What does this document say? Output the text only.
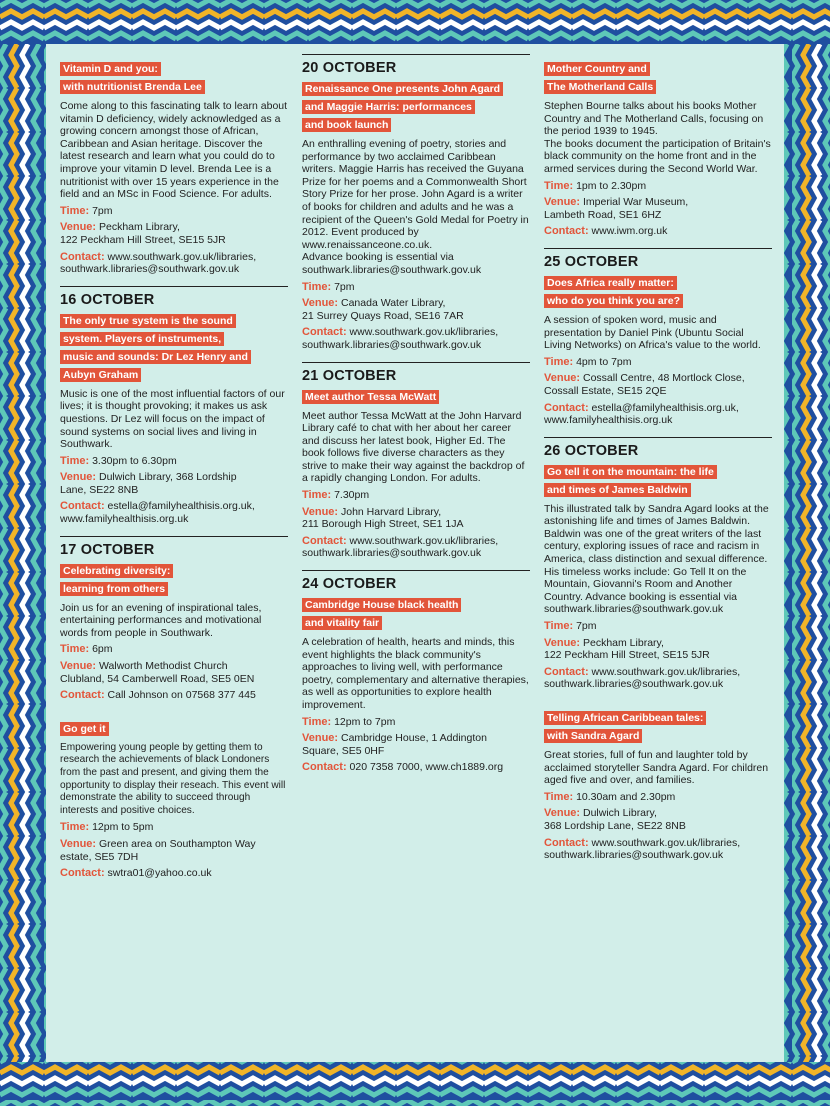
Vitamin D and you:
with nutritionist Brenda Lee
Come along to this fascinating talk to learn about vitamin D deficiency, widely acknowledged as a growing concern amongst those of African, Caribbean and Asian heritage. Discover the latest research and learn what you could do to improve your vitamin D level. Brenda Lee is a nutritionist with over 15 years experience in the field and an MSc in Food Science. For adults.
Time: 7pm
Venue: Peckham Library,
122 Peckham Hill Street, SE15 5JR
Contact: www.southwark.gov.uk/libraries,
southwark.libraries@southwark.gov.uk
16 OCTOBER
The only true system is the sound
system. Players of instruments,
music and sounds: Dr Lez Henry and
Aubyn Graham
Music is one of the most influential factors of our lives; it is thought provoking; it makes us ask questions. Dr Lez will focus on the impact of sound systems on social lives and living in Southwark.
Time: 3.30pm to 6.30pm
Venue: Dulwich Library, 368 Lordship
Lane, SE22 8NB
Contact: estella@familyhealthisis.org.uk,
www.familyhealthisis.org.uk
17 OCTOBER
Celebrating diversity:
learning from others
Join us for an evening of inspirational tales, entertaining performances and motivational words from people in Southwark.
Time: 6pm
Venue: Walworth Methodist Church
Clubland, 54 Camberwell Road, SE5 0EN
Contact: Call Johnson on 07568 377 445
Go get it
Empowering young people by getting them to research the achievements of black Londoners from the past and present, and giving them the opportunity to display their reseach. This event will demonstrate the ability to succeed through interests and positive choices.
Time: 12pm to 5pm
Venue: Green area on Southampton Way
estate, SE5 7DH
Contact: swtra01@yahoo.co.uk
20 OCTOBER
Renaissance One presents John Agard
and Maggie Harris: performances
and book launch
An enthralling evening of poetry, stories and performance by two acclaimed Caribbean writers. Maggie Harris has received the Guyana Prize for her poems and a Commonwealth Short Story Prize for her prose. John Agard is a writer of books for children and adults and he was a recipient of the Queen's Gold Medal for Poetry in 2012. Event produced by www.renaissanceone.co.uk.
Advance booking is essential via southwark.libraries@southwark.gov.uk
Time: 7pm
Venue: Canada Water Library,
21 Surrey Quays Road, SE16 7AR
Contact: www.southwark.gov.uk/libraries,
southwark.libraries@southwark.gov.uk
21 OCTOBER
Meet author Tessa McWatt
Meet author Tessa McWatt at the John Harvard Library café to chat with her about her career and discuss her latest book, Higher Ed. The book follows five diverse characters as they strive to make their way against the backdrop of a rapidly changing London. For adults.
Time: 7.30pm
Venue: John Harvard Library,
211 Borough High Street, SE1 1JA
Contact: www.southwark.gov.uk/libraries,
southwark.libraries@southwark.gov.uk
24 OCTOBER
Cambridge House black health
and vitality fair
A celebration of health, hearts and minds, this event highlights the black community's approaches to living well, with performance poetry, complementary and alternative therapies, as well as opportunities to explore health improvement.
Time: 12pm to 7pm
Venue: Cambridge House, 1 Addington
Square, SE5 0HF
Contact: 020 7358 7000, www.ch1889.org
Mother Country and
The Motherland Calls
Stephen Bourne talks about his books Mother Country and The Motherland Calls, focusing on the period 1939 to 1945.
The books document the participation of Britain's black community on the home front and in the armed services during the Second World War.
Time: 1pm to 2.30pm
Venue: Imperial War Museum,
Lambeth Road, SE1 6HZ
Contact: www.iwm.org.uk
25 OCTOBER
Does Africa really matter:
who do you think you are?
A session of spoken word, music and presentation by Daniel Pink (Ubuntu Social Living Networks) on Africa's value to the world.
Time: 4pm to 7pm
Venue: Cossall Centre, 48 Mortlock Close,
Cossall Estate, SE15 2QE
Contact: estella@familyhealthisis.org.uk,
www.familyhealthisis.org.uk
26 OCTOBER
Go tell it on the mountain: the life
and times of James Baldwin
This illustrated talk by Sandra Agard looks at the astonishing life and times of James Baldwin. Baldwin was one of the great writers of the last century, exploring issues of race and racism in America, class distinction and sexual difference. His timeless works include: Go Tell It on the Mountain, Giovanni's Room and Another Country. Advance booking is essential via southwark.libraries@southwark.gov.uk
Time: 7pm
Venue: Peckham Library,
122 Peckham Hill Street, SE15 5JR
Contact: www.southwark.gov.uk/libraries,
southwark.libraries@southwark.gov.uk
Telling African Caribbean tales:
with Sandra Agard
Great stories, full of fun and laughter told by acclaimed storyteller Sandra Agard. For children aged five and over, and families.
Time: 10.30am and 2.30pm
Venue: Dulwich Library,
368 Lordship Lane, SE22 8NB
Contact: www.southwark.gov.uk/libraries,
southwark.libraries@southwark.gov.uk
